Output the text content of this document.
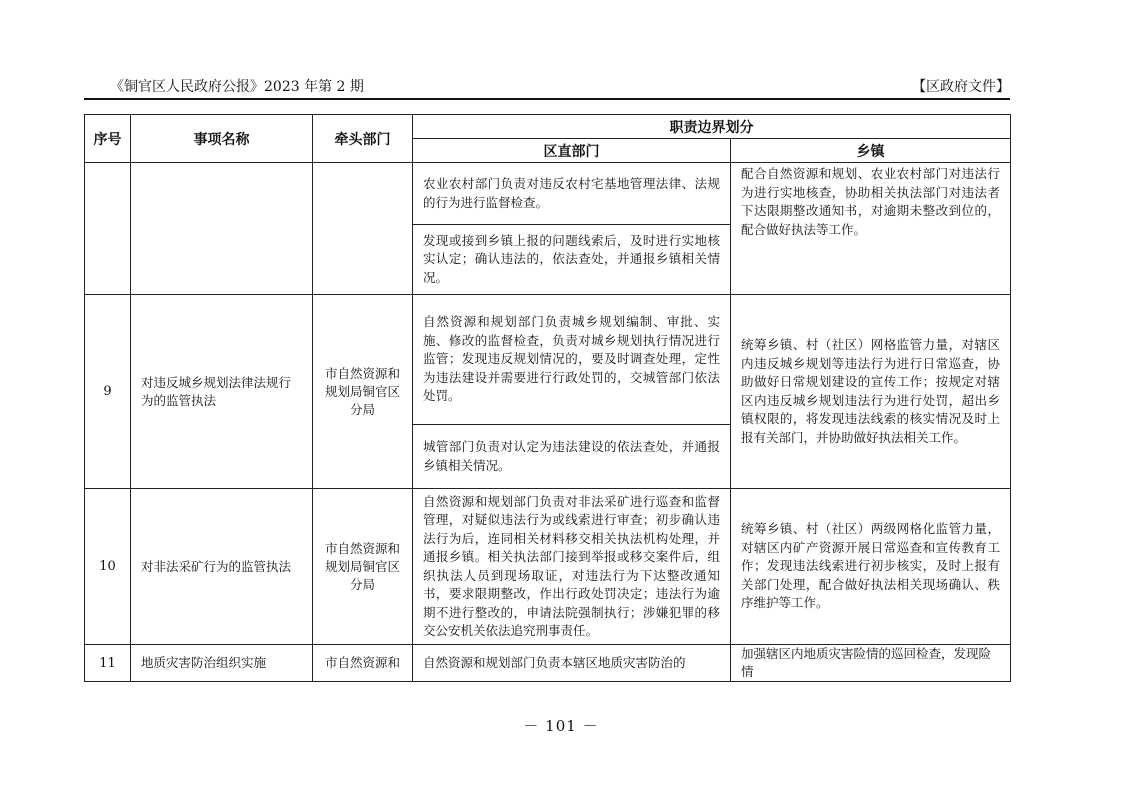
《铜官区人民政府公报》2023 年第 2 期	【区政府文件】
序号	事项名称	牵头部门	职责边界划分	
			区直部门	乡镇
			农业农村部门负责对违反农村宅基地管理法律、法规的行为进行监督检查。	配合自然资源和规划、农业农村部门对违法行为进行实地核查，协助相关执法部门对违法者下达限期整改通知书，对逾期未整改到位的，配合做好执法等工作。
			发现或接到乡镇上报的问题线索后，及时进行实地核实认定；确认违法的，依法查处，并通报乡镇相关情况。	
9	对违反城乡规划法律法规行为的监管执法	市自然资源和规划局铜官区分局	自然资源和规划部门负责城乡规划编制、审批、实施、修改的监督检查，负责对城乡规划执行情况进行监管；发现违反规划情况的，要及时调查处理，定性为违法建设并需要进行行政处罚的，交城管部门依法处罚。	统筹乡镇、村（社区）网格监管力量，对辖区内违反城乡规划等违法行为进行日常巡查，协助做好日常规划建设的宣传工作；按规定对辖区内违反城乡规划违法行为进行处罚，超出乡镇权限的，将发现违法线索的核实情况及时上报有关部门，并协助做好执法相关工作。
			城管部门负责对认定为违法建设的依法查处，并通报乡镇相关情况。	
10	对非法采矿行为的监管执法	市自然资源和规划局铜官区分局	自然资源和规划部门负责对非法采矿进行巡查和监督管理，对疑似违法行为或线索进行审查；初步确认违法行为后，连同相关材料移交相关执法机构处理，并通报乡镇。相关执法部门接到举报或移交案件后，组织执法人员到现场取证，对违法行为下达整改通知书，要求限期整改，作出行政处罚决定；违法行为逾期不进行整改的，申请法院强制执行；涉嫌犯罪的移交公安机关依法追究刑事责任。	统筹乡镇、村（社区）两级网格化监管力量，对辖区内矿产资源开展日常巡查和宣传教育工作；发现违法线索进行初步核实，及时上报有关部门处理，配合做好执法相关现场确认、秩序维护等工作。
11	地质灾害防治组织实施	市自然资源和	自然资源和规划部门负责本辖区地质灾害防治的	加强辖区内地质灾害险情的巡回检查，发现险情
－ 101 －
